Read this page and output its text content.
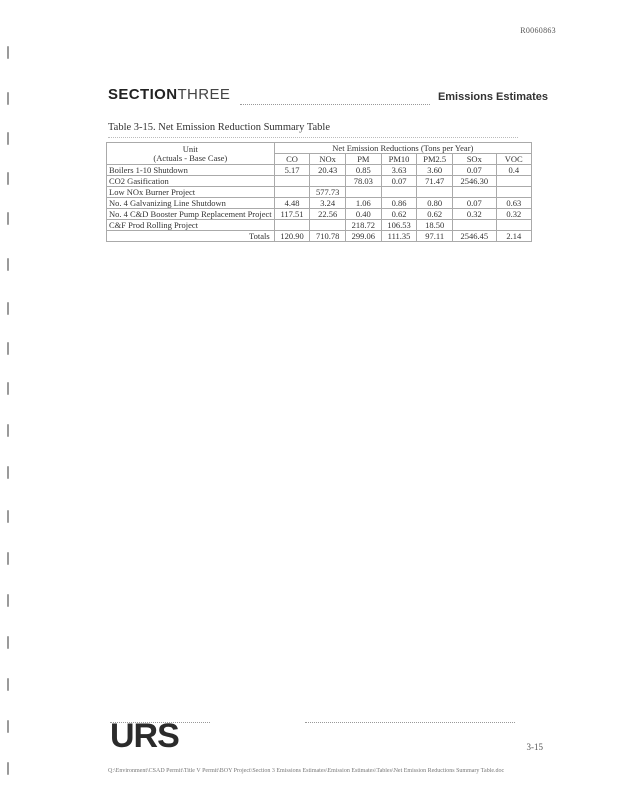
R0060863
SECTIONTHREE	Emissions Estimates
Table 3-15. Net Emission Reduction Summary Table
Unit
(Actuals - Base Case)	Net Emission Reductions (Tons per Year)						
	CO	NOx	PM	PM10	PM2.5	SOx	VOC
Boilers 1-10 Shutdown	5.17	20.43	0.85	3.63	3.60	0.07	0.4
CO2 Gasification			78.03	0.07	71.47	2546.30	
Low NOx Burner Project		577.73					
No. 4 Galvanizing Line Shutdown	4.48	3.24	1.06	0.86	0.80	0.07	0.63
No. 4 C&D Booster Pump Replacement Project	117.51	22.56	0.40	0.62	0.62	0.32	0.32
C&F Prod Rolling Project			218.72	106.53	18.50		
Totals	120.90	710.78	299.06	111.35	97.11	2546.45	2.14
URS	3-15
Q:\Environment\CSAD Permit\Title V Permit\BOY Project\Section 3 Emissions Estimates\Emission Estimates\Tables\Net Emission Reductions Summary Table.doc
